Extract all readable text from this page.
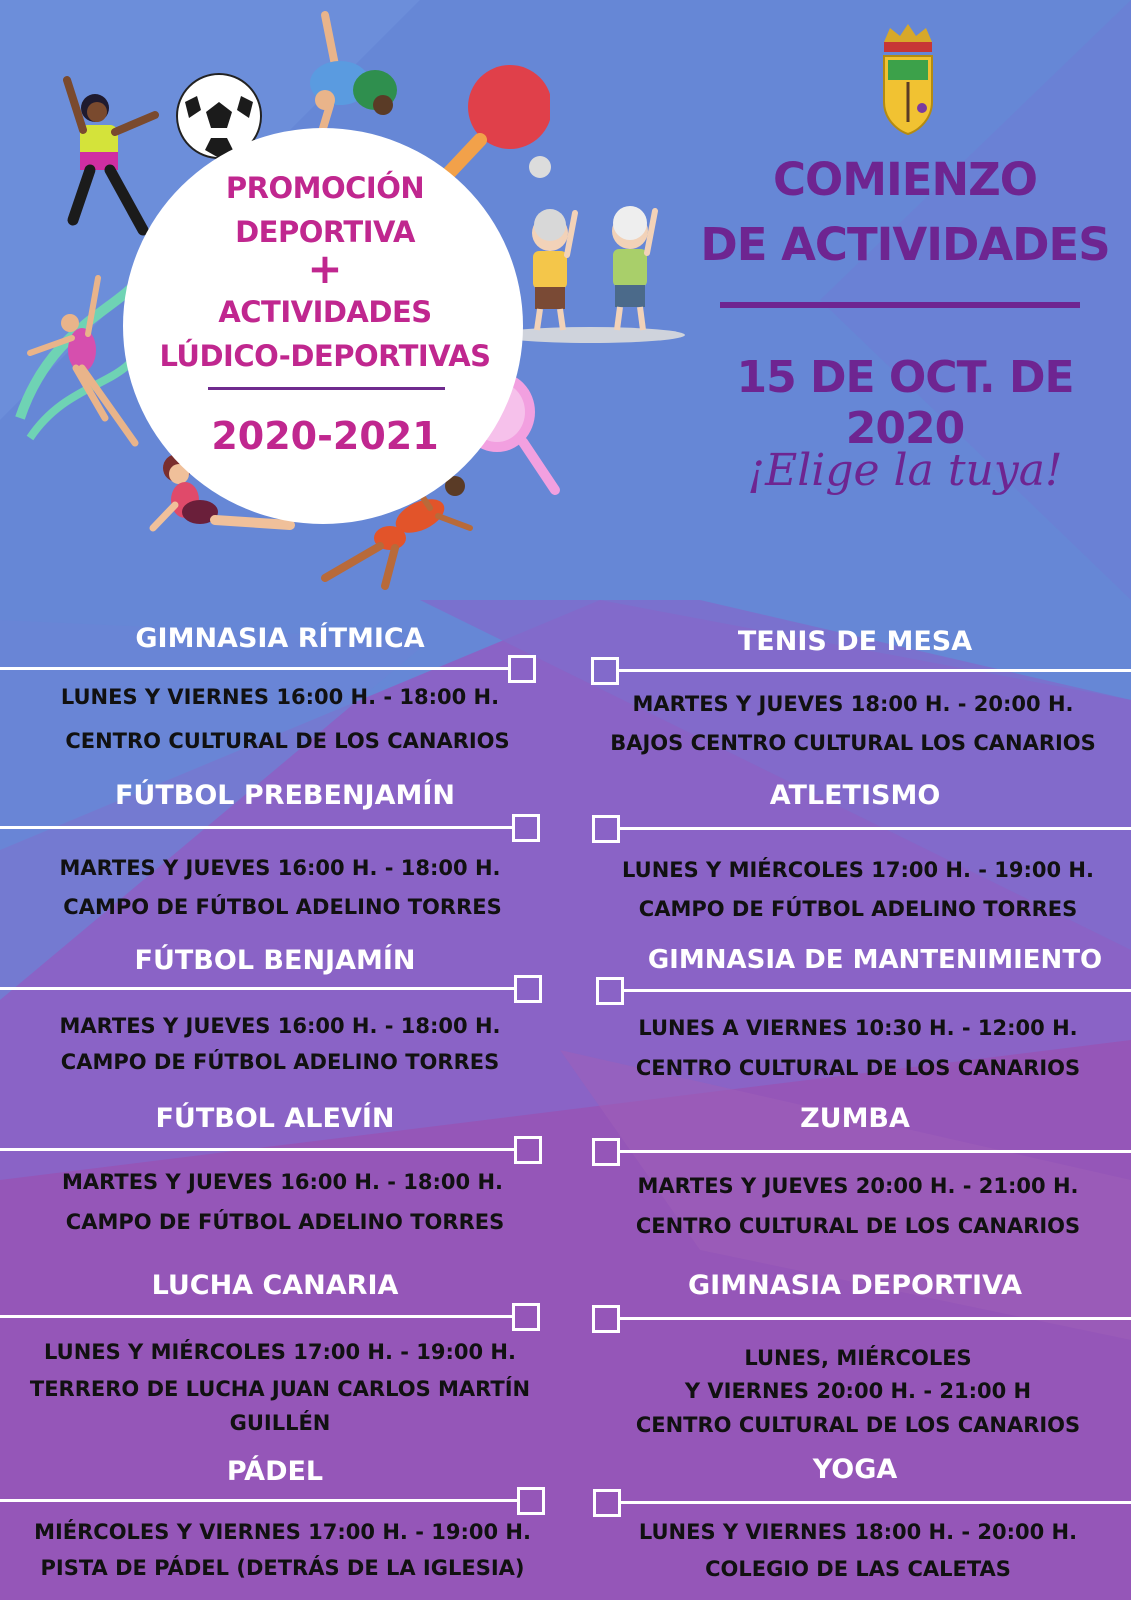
PROMOCIÓN
DEPORTIVA
+
ACTIVIDADES
LÚDICO-DEPORTIVAS
2020-2021
COMIENZO
DE ACTIVIDADES
15 DE OCT. DE 2020
¡Elige la tuya!
GIMNASIA RÍTMICA
LUNES Y VIERNES 16:00 H. - 18:00 H.
CENTRO CULTURAL DE LOS CANARIOS
TENIS DE MESA
MARTES Y JUEVES 18:00 H. - 20:00 H.
BAJOS CENTRO CULTURAL LOS CANARIOS
FÚTBOL PREBENJAMÍN
MARTES Y JUEVES 16:00 H. - 18:00 H.
CAMPO DE FÚTBOL ADELINO TORRES
ATLETISMO
LUNES Y MIÉRCOLES 17:00 H. - 19:00 H.
CAMPO DE FÚTBOL ADELINO TORRES
FÚTBOL BENJAMÍN
MARTES Y JUEVES 16:00 H. - 18:00 H.
CAMPO DE FÚTBOL ADELINO TORRES
GIMNASIA DE MANTENIMIENTO
LUNES A VIERNES 10:30 H. - 12:00 H.
CENTRO CULTURAL DE LOS CANARIOS
FÚTBOL ALEVÍN
MARTES Y JUEVES 16:00 H. - 18:00 H.
CAMPO DE FÚTBOL ADELINO TORRES
ZUMBA
MARTES Y JUEVES 20:00 H. - 21:00 H.
CENTRO CULTURAL DE LOS CANARIOS
LUCHA CANARIA
LUNES Y MIÉRCOLES 17:00 H. - 19:00 H.
TERRERO DE LUCHA JUAN CARLOS MARTÍN
GUILLÉN
GIMNASIA DEPORTIVA
LUNES, MIÉRCOLES
Y VIERNES 20:00 H. - 21:00 H
CENTRO CULTURAL DE LOS CANARIOS
PÁDEL
MIÉRCOLES Y VIERNES 17:00 H. - 19:00 H.
PISTA DE PÁDEL (DETRÁS DE LA IGLESIA)
YOGA
LUNES Y VIERNES 18:00 H. - 20:00 H.
COLEGIO DE LAS CALETAS
